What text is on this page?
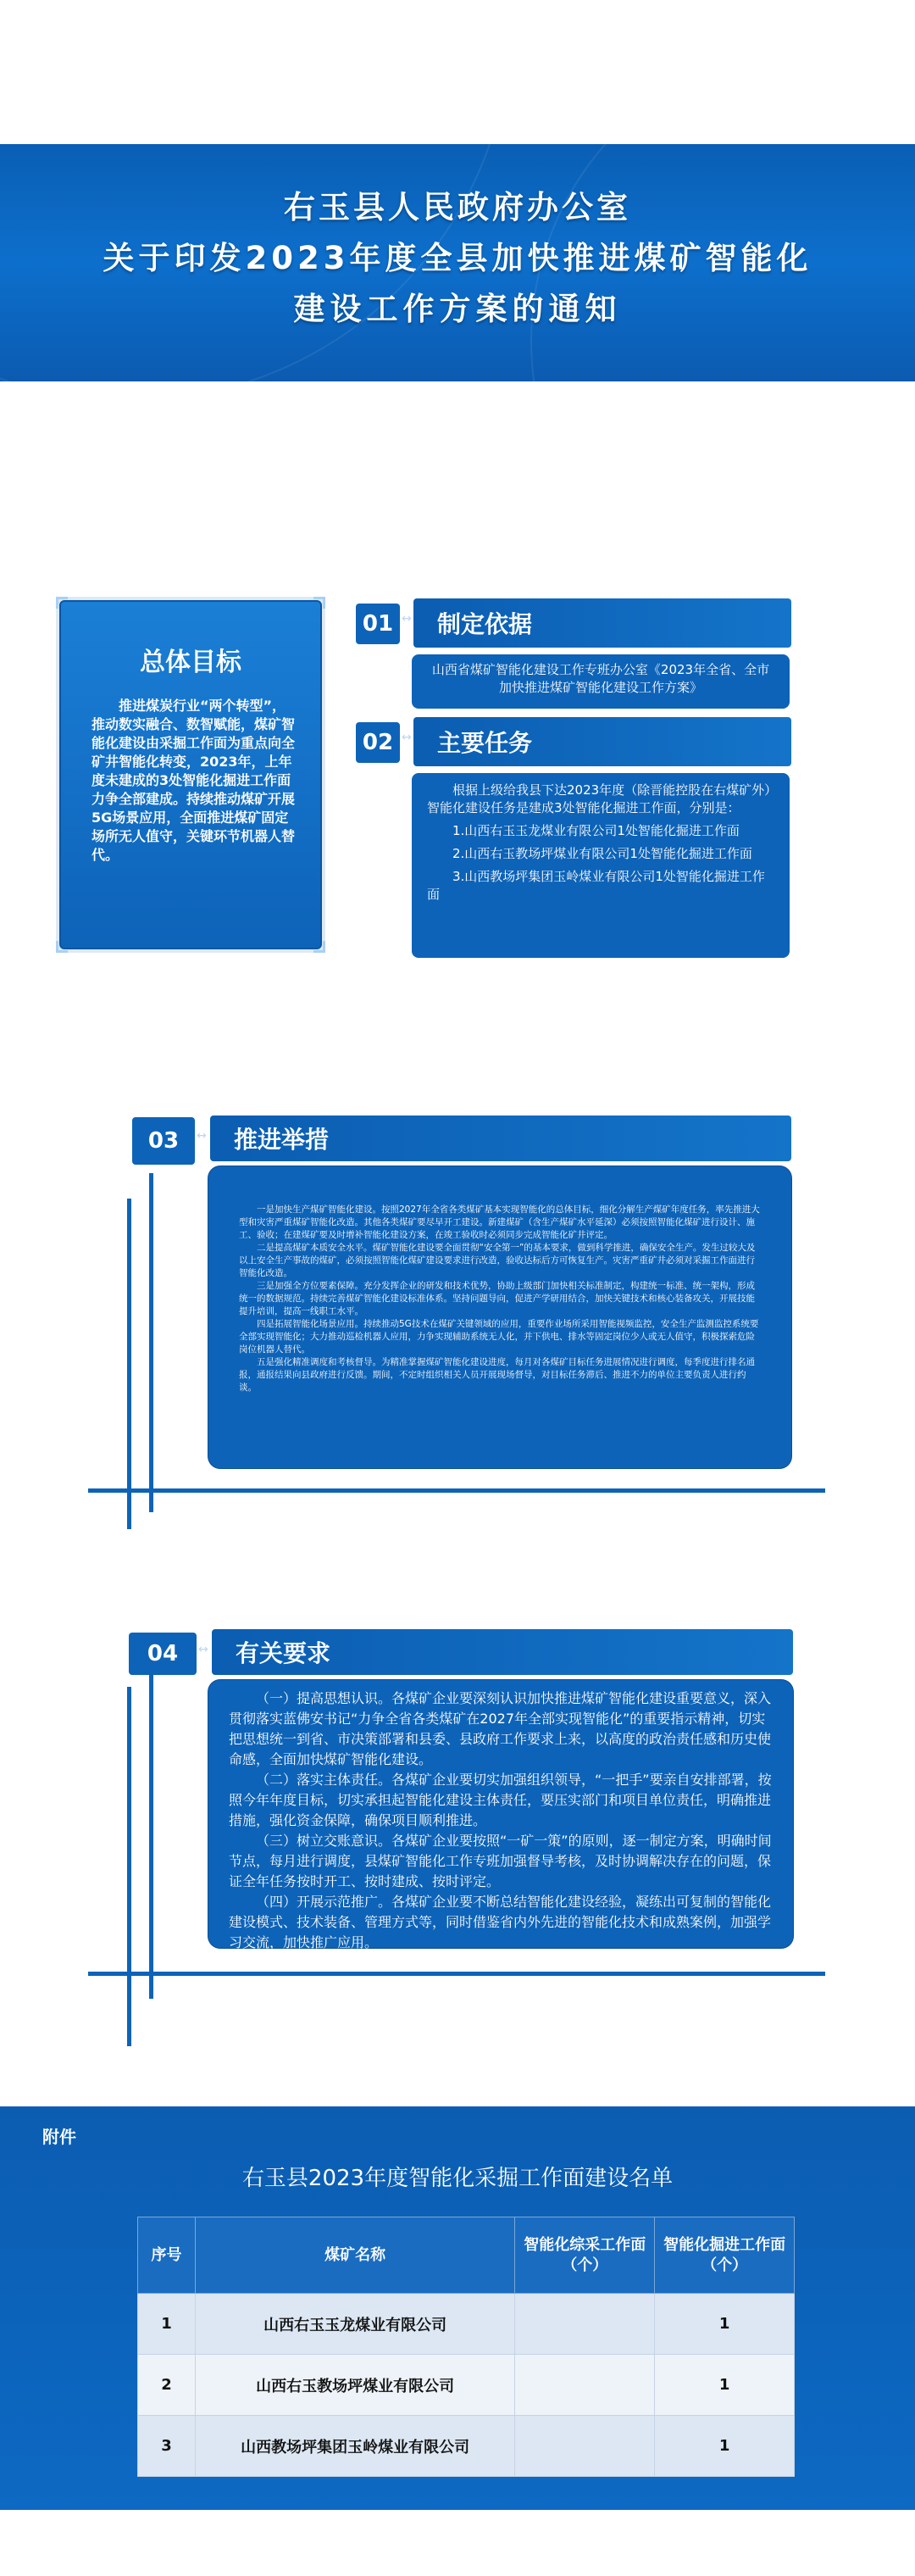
右玉县人民政府办公室
关于印发2023年度全县加快推进煤矿智能化
建设工作方案的通知
总体目标
推进煤炭行业“两个转型”，推动数实融合、数智赋能，煤矿智能化建设由采掘工作面为重点向全矿井智能化转变，2023年，上年度未建成的3处智能化掘进工作面力争全部建成。持续推动煤矿开展5G场景应用，全面推进煤矿固定场所无人值守，关键环节机器人替代。
01 ↔	制定依据
山西省煤矿智能化建设工作专班办公室《2023年全省、全市加快推进煤矿智能化建设工作方案》
02 ↔	主要任务

根据上级给我县下达2023年度（除晋能控股在右煤矿外）智能化建设任务是建成3处智能化掘进工作面，分别是：

1.山西右玉玉龙煤业有限公司1处智能化掘进工作面

2.山西右玉教场坪煤业有限公司1处智能化掘进工作面

3.山西教场坪集团玉岭煤业有限公司1处智能化掘进工作面

03	↔	推进举措

一是加快生产煤矿智能化建设。按照2027年全省各类煤矿基本实现智能化的总体目标，细化分解生产煤矿年度任务，率先推进大型和灾害严重煤矿智能化改造。其他各类煤矿要尽早开工建设。新建煤矿（含生产煤矿水平延深）必须按照智能化煤矿进行设计、施工、验收；在建煤矿要及时增补智能化建设方案，在竣工验收时必须同步完成智能化矿井评定。

二是提高煤矿本质安全水平。煤矿智能化建设要全面贯彻“安全第一”的基本要求，做到科学推进，确保安全生产。发生过较大及以上安全生产事故的煤矿，必须按照智能化煤矿建设要求进行改造，验收达标后方可恢复生产。灾害严重矿井必须对采掘工作面进行智能化改造。

三是加强全方位要素保障。充分发挥企业的研发和技术优势，协助上级部门加快相关标准制定，构建统一标准、统一架构，形成统一的数据规范。持续完善煤矿智能化建设标准体系。坚持问题导向，促进产学研用结合，加快关键技术和核心装备攻关，开展技能提升培训，提高一线职工水平。

四是拓展智能化场景应用。持续推动5G技术在煤矿关键领域的应用，重要作业场所采用智能视频监控，安全生产监测监控系统要全部实现智能化；大力推动巡检机器人应用，力争实现辅助系统无人化，并下供电、排水等固定岗位少人或无人值守，积极探索危险岗位机器人替代。

五是强化精准调度和考核督导。为精准掌握煤矿智能化建设进度，每月对各煤矿目标任务进展情况进行调度，每季度进行排名通报，通报结果向县政府进行反馈。期间，不定时组织相关人员开展现场督导，对目标任务滞后、推进不力的单位主要负责人进行约谈。

04	↔	有关要求

（一）提高思想认识。各煤矿企业要深刻认识加快推进煤矿智能化建设重要意义，深入贯彻落实蓝佛安书记“力争全省各类煤矿在2027年全部实现智能化”的重要指示精神，切实把思想统一到省、市决策部署和县委、县政府工作要求上来，以高度的政治责任感和历史使命感，全面加快煤矿智能化建设。

（二）落实主体责任。各煤矿企业要切实加强组织领导，“一把手”要亲自安排部署，按照今年年度目标，切实承担起智能化建设主体责任，要压实部门和项目单位责任，明确推进措施，强化资金保障，确保项目顺利推进。

（三）树立交账意识。各煤矿企业要按照“一矿一策”的原则，逐一制定方案，明确时间节点，每月进行调度，县煤矿智能化工作专班加强督导考核，及时协调解决存在的问题，保证全年任务按时开工、按时建成、按时评定。

（四）开展示范推广。各煤矿企业要不断总结智能化建设经验，凝练出可复制的智能化建设模式、技术装备、管理方式等，同时借鉴省内外先进的智能化技术和成熟案例，加强学习交流，加快推广应用。

（五）加强信息报送。各煤矿企业要明确专人负责煤矿智能化工作信息上报工作，每月月底前对本月重要活动、项目建设进展、投资等情况进行报送，切实保证统计数据的及时性、准确性，主要负责人做好审核把关，及时掌握建设进度。

附件
右玉县2023年度智能化采掘工作面建设名单
序号	煤矿名称	智能化综采工作面（个）	智能化掘进工作面（个）
1	山西右玉玉龙煤业有限公司		1
2	山西右玉教场坪煤业有限公司		1
3	山西教场坪集团玉岭煤业有限公司		1
